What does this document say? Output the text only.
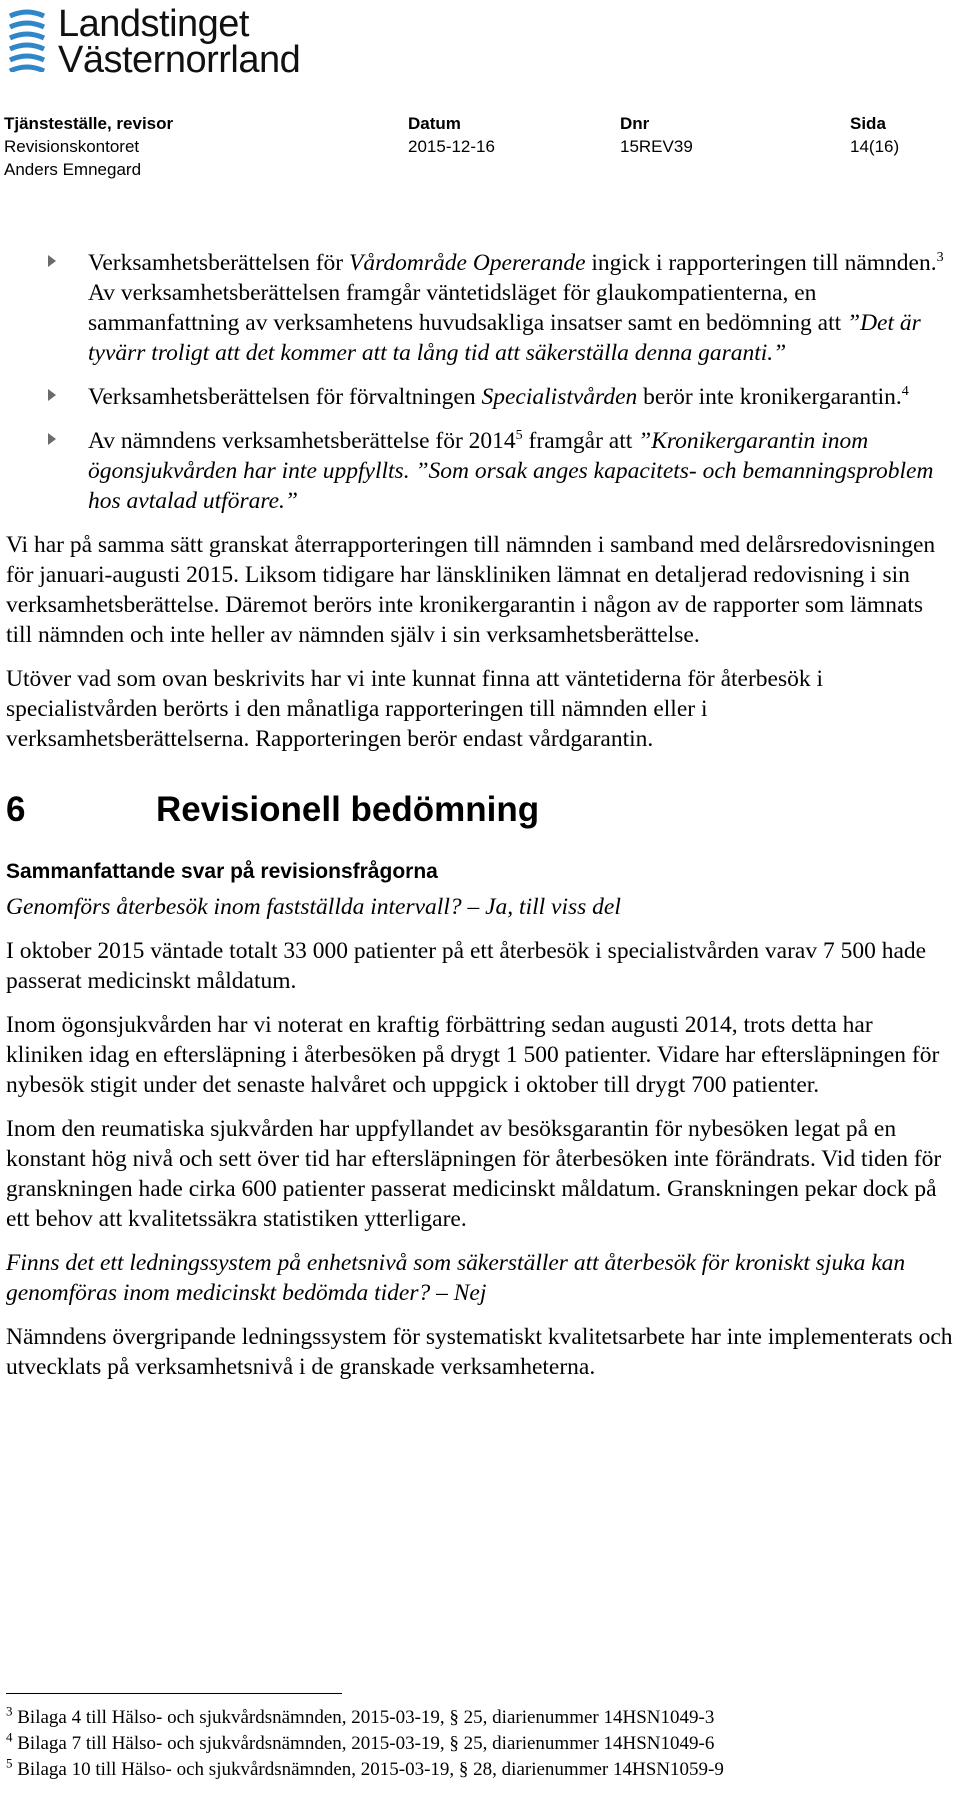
Landstinget
Västernorrland
Tjänsteställe, revisor
Revisionskontoret
Anders Emnegard
Datum
2015-12-16
Dnr
15REV39
Sida
14(16)
Verksamhetsberättelsen för Vårdområde Opererande ingick i rapporteringen till nämnden.$^3$ Av verksamhetsberättelsen framgår väntetidsläget för glaukompatienterna, en sammanfattning av verksamhetens huvudsakliga insatser samt en bedömning att ”Det är tyvärr troligt att det kommer att ta lång tid att säkerställa denna garanti.”
Verksamhetsberättelsen för förvaltningen Specialistvården berör inte kronikergarantin.$^4$
Av nämndens verksamhetsberättelse för 2014$^5$ framgår att ”Kronikergarantin inom ögonsjukvården har inte uppfyllts. ”Som orsak anges kapacitets- och bemanningsproblem hos avtalad utförare.”

Vi har på samma sätt granskat återrapporteringen till nämnden i samband med delårsredovisningen för januari-augusti 2015. Liksom tidigare har länskliniken lämnat en detaljerad redovisning i sin verksamhetsberättelse. Däremot berörs inte kronikergarantin i någon av de rapporter som lämnats till nämnden och inte heller av nämnden själv i sin verksamhetsberättelse.

Utöver vad som ovan beskrivits har vi inte kunnat finna att väntetiderna för återbesök i specialistvården berörts i den månatliga rapporteringen till nämnden eller i verksamhetsberättelserna. Rapporteringen berör endast vårdgarantin.

6	Revisionell bedömning
Sammanfattande svar på revisionsfrågorna

Genomförs återbesök inom fastställda intervall? – Ja, till viss del

I oktober 2015 väntade totalt 33 000 patienter på ett återbesök i specialistvården varav 7 500 hade passerat medicinskt måldatum.

Inom ögonsjukvården har vi noterat en kraftig förbättring sedan augusti 2014, trots detta har kliniken idag en eftersläpning i återbesöken på drygt 1 500 patienter. Vidare har eftersläpningen för nybesök stigit under det senaste halvåret och uppgick i oktober till drygt 700 patienter.

Inom den reumatiska sjukvården har uppfyllandet av besöksgarantin för nybesöken legat på en konstant hög nivå och sett över tid har eftersläpningen för återbesöken inte förändrats. Vid tiden för granskningen hade cirka 600 patienter passerat medicinskt måldatum. Granskningen pekar dock på ett behov att kvalitetssäkra statistiken ytterligare.

Finns det ett ledningssystem på enhetsnivå som säkerställer att återbesök för kroniskt sjuka kan genomföras inom medicinskt bedömda tider? – Nej

Nämndens övergripande ledningssystem för systematiskt kvalitetsarbete har inte implementerats och utvecklats på verksamhetsnivå i de granskade verksamheterna.

$^3$ Bilaga 4 till Hälso- och sjukvårdsnämnden, 2015-03-19, § 25, diarienummer 14HSN1049-3
$^4$ Bilaga 7 till Hälso- och sjukvårdsnämnden, 2015-03-19, § 25, diarienummer 14HSN1049-6
$^5$ Bilaga 10 till Hälso- och sjukvårdsnämnden, 2015-03-19, § 28, diarienummer 14HSN1059-9
